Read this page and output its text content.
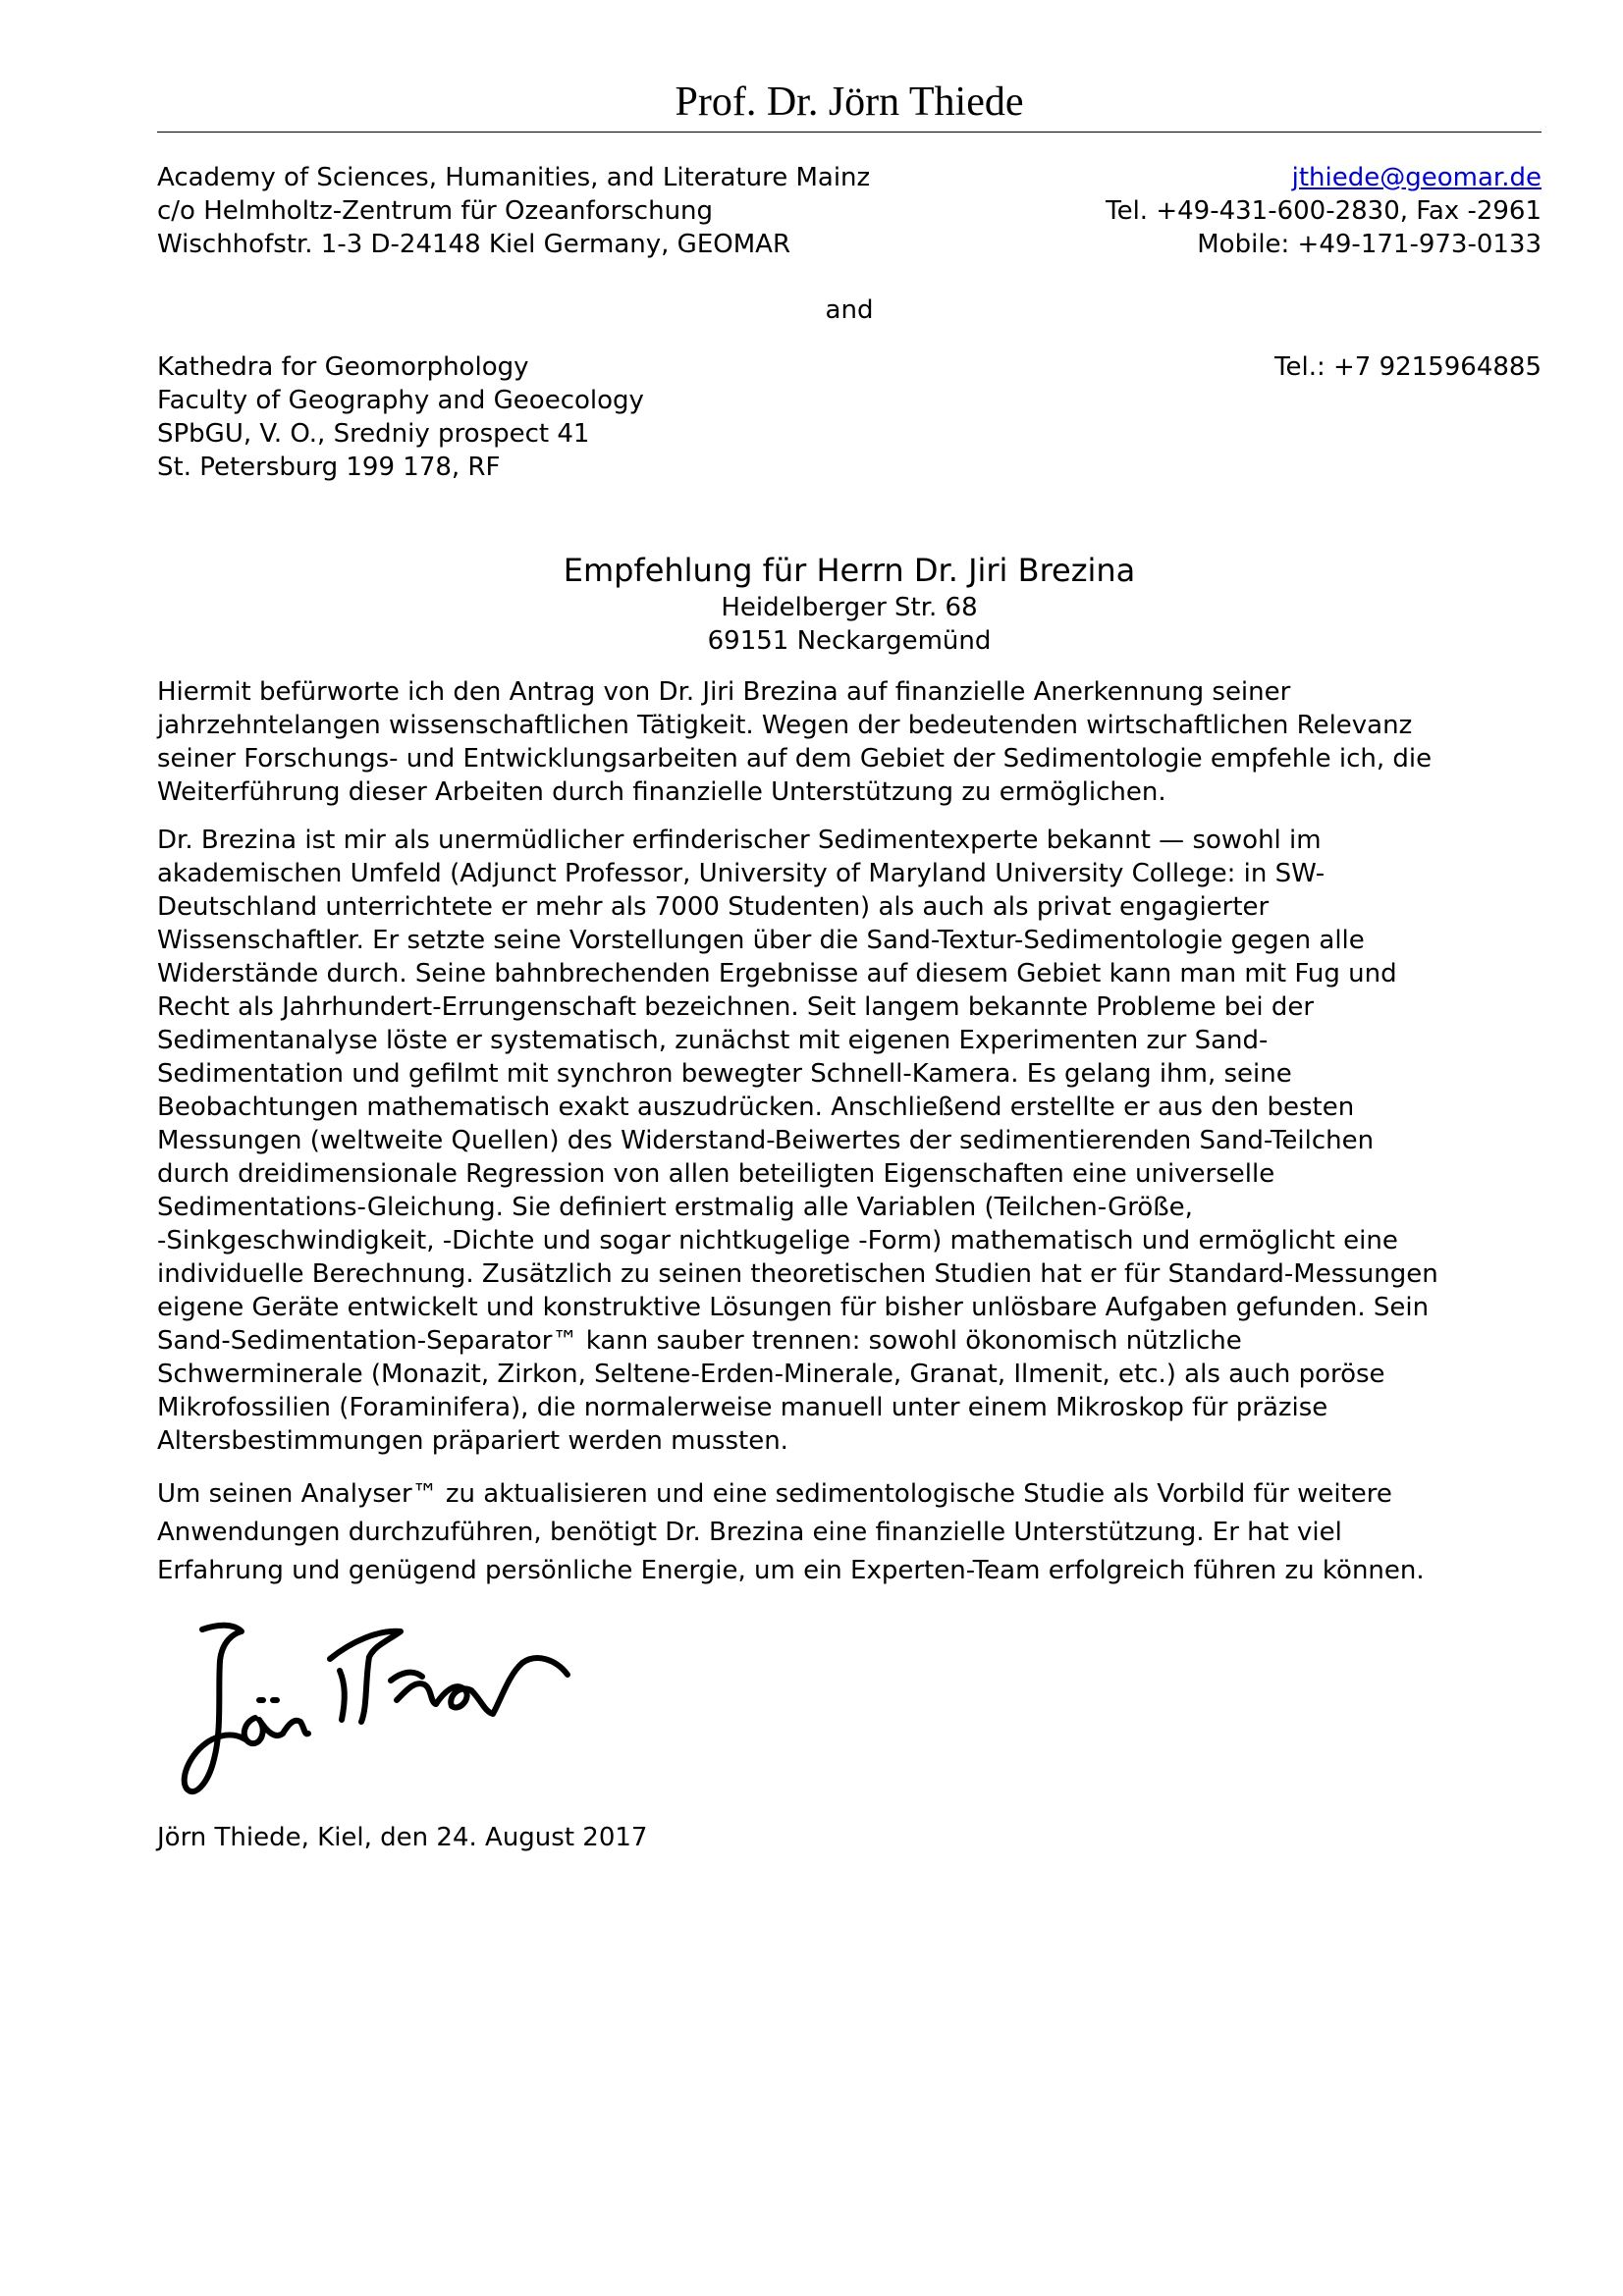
Prof. Dr. Jörn Thiede
Academy of Sciences, Humanities, and Literature Mainz
c/o Helmholtz-Zentrum für Ozeanforschung
Wischhofstr. 1-3 D-24148 Kiel Germany, GEOMAR
jthiede@geomar.de
Tel. +49-431-600-2830, Fax -2961
Mobile: +49-171-973-0133
and
Kathedra for Geomorphology
Faculty of Geography and Geoecology
SPbGU, V. O., Sredniy prospect 41
St. Petersburg 199 178, RF
Tel.: +7 9215964885
Empfehlung für Herrn Dr. Jiri Brezina
Heidelberger Str. 68
69151 Neckargemünd
Hiermit befürworte ich den Antrag von Dr. Jiri Brezina auf finanzielle Anerkennung seiner
jahrzehntelangen wissenschaftlichen Tätigkeit. Wegen der bedeutenden wirtschaftlichen Relevanz
seiner Forschungs- und Entwicklungsarbeiten auf dem Gebiet der Sedimentologie empfehle ich, die
Weiterführung dieser Arbeiten durch finanzielle Unterstützung zu ermöglichen.
Dr. Brezina ist mir als unermüdlicher erfinderischer Sedimentexperte bekannt — sowohl im
akademischen Umfeld (Adjunct Professor, University of Maryland University College: in SW-
Deutschland unterrichtete er mehr als 7000 Studenten) als auch als privat engagierter
Wissenschaftler. Er setzte seine Vorstellungen über die Sand-Textur-Sedimentologie gegen alle
Widerstände durch. Seine bahnbrechenden Ergebnisse auf diesem Gebiet kann man mit Fug und
Recht als Jahrhundert-Errungenschaft bezeichnen. Seit langem bekannte Probleme bei der
Sedimentanalyse löste er systematisch, zunächst mit eigenen Experimenten zur Sand-
Sedimentation und gefilmt mit synchron bewegter Schnell-Kamera. Es gelang ihm, seine
Beobachtungen mathematisch exakt auszudrücken. Anschließend erstellte er aus den besten
Messungen (weltweite Quellen) des Widerstand-Beiwertes der sedimentierenden Sand-Teilchen
durch dreidimensionale Regression von allen beteiligten Eigenschaften eine universelle
Sedimentations-Gleichung. Sie definiert erstmalig alle Variablen (Teilchen-Größe,
-Sinkgeschwindigkeit, -Dichte und sogar nichtkugelige -Form) mathematisch und ermöglicht eine
individuelle Berechnung. Zusätzlich zu seinen theoretischen Studien hat er für Standard-Messungen
eigene Geräte entwickelt und konstruktive Lösungen für bisher unlösbare Aufgaben gefunden. Sein
Sand-Sedimentation-Separator™ kann sauber trennen: sowohl ökonomisch nützliche
Schwerminerale (Monazit, Zirkon, Seltene-Erden-Minerale, Granat, Ilmenit, etc.) als auch poröse
Mikrofossilien (Foraminifera), die normalerweise manuell unter einem Mikroskop für präzise
Altersbestimmungen präpariert werden mussten.
Um seinen Analyser™ zu aktualisieren und eine sedimentologische Studie als Vorbild für weitere
Anwendungen durchzuführen, benötigt Dr. Brezina eine finanzielle Unterstützung. Er hat viel
Erfahrung und genügend persönliche Energie, um ein Experten-Team erfolgreich führen zu können.
Jörn Thiede, Kiel, den 24. August 2017
